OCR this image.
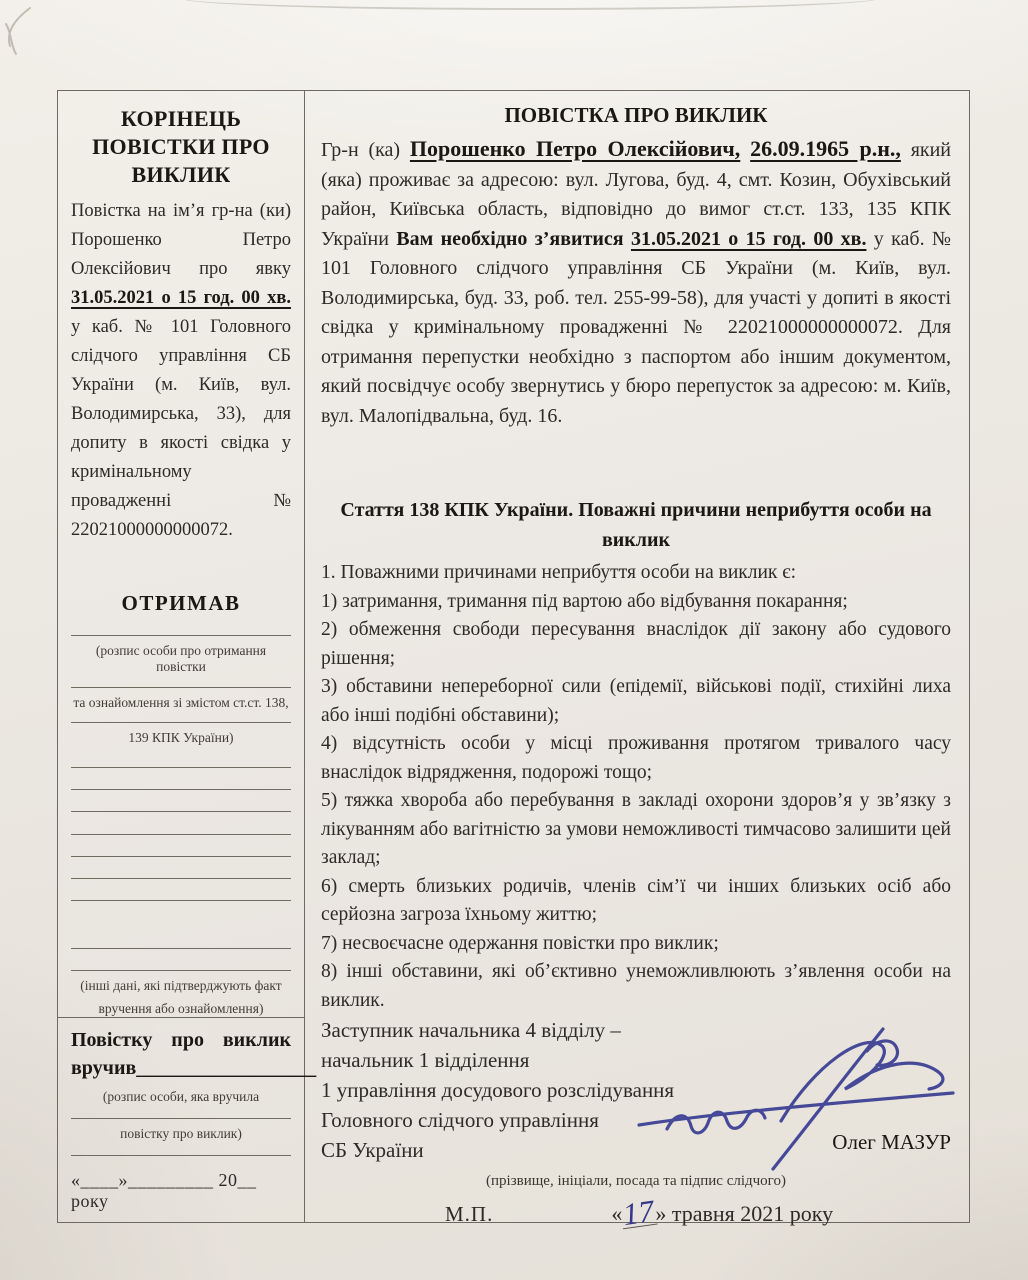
КОРІНЕЦЬ ПОВІСТКИ ПРО ВИКЛИК
Повістка на ім’я гр-на (ки) Порошенко Петро Олексійович про явку 31.05.2021 о 15 год. 00 хв. у каб. № 101 Головного слідчого управління СБ України (м. Київ, вул. Володимирська, 33), для допиту в якості свідка у кримінальному провадженні № 22021000000000072.
ОТРИМАВ
(розпис особи про отримання повістки
та ознайомлення зі змістом ст.ст. 138,
139 КПК України)
(інші дані, які підтверджують факт
вручення або ознайомлення)
Повістку про виклик вручив__________________
(розпис особи, яка вручила
повістку про виклик)
«____»_________ 20__ року
ПОВІСТКА ПРО ВИКЛИК
Гр-н (ка) Порошенко Петро Олексійович, 26.09.1965 р.н., який (яка) проживає за адресою: вул. Лугова, буд. 4, смт. Козин, Обухівський район, Київська область, відповідно до вимог ст.ст. 133, 135 КПК України Вам необхідно з’явитися 31.05.2021 о 15 год. 00 хв. у каб. № 101 Головного слідчого управління СБ України (м. Київ, вул. Володимирська, буд. 33, роб. тел. 255-99-58), для участі у допиті в якості свідка у кримінальному провадженні № 22021000000000072. Для отримання перепустки необхідно з паспортом або іншим документом, який посвідчує особу звернутись у бюро перепусток за адресою: м. Київ, вул. Малопідвальна, буд. 16.
Стаття 138 КПК України. Поважні причини неприбуття особи на виклик
1. Поважними причинами неприбуття особи на виклик є:
1) затримання, тримання під вартою або відбування покарання;
2) обмеження свободи пересування внаслідок дії закону або судового рішення;
3) обставини непереборної сили (епідемії, військові події, стихійні лиха або інші подібні обставини);
4) відсутність особи у місці проживання протягом тривалого часу внаслідок відрядження, подорожі тощо;
5) тяжка хвороба або перебування в закладі охорони здоров’я у зв’язку з лікуванням або вагітністю за умови неможливості тимчасово залишити цей заклад;
6) смерть близьких родичів, членів сім’ї чи інших близьких осіб або серйозна загроза їхньому життю;
7) несвоєчасне одержання повістки про виклик;
8) інші обставини, які об’єктивно унеможливлюють з’явлення особи на виклик.
Заступник начальника 4 відділу –
начальник 1 відділення
1 управління досудового розслідування
Головного слідчого управління
СБ України	Олег МАЗУР
(прізвище, ініціали, посада та підпис слідчого)
М.П.	«17» травня 2021 року
